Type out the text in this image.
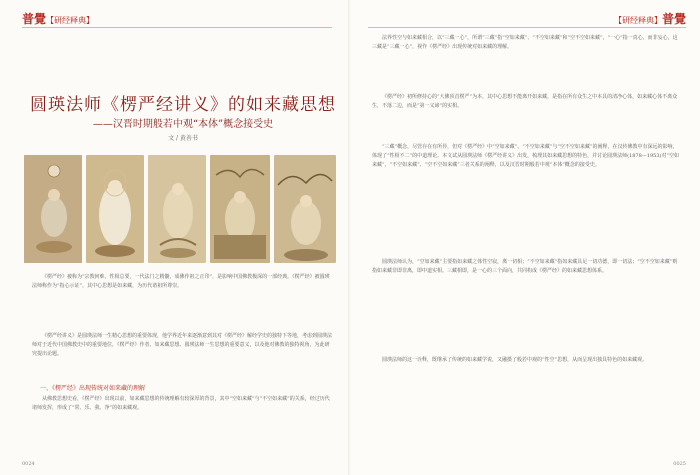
普覺【研经释典】
圆瑛法师《楞严经讲义》的如来藏思想
——汉晋时期般若中观“本体”概念接受史
文 / 黄善书
《楞严经》被称为“宗教何难，性相总要，一代法门之精髓，成佛作祖之正印”，是影响中国佛教极深的一部经典。《楞严经》被圆瑛法师称作为“指心示证”，其中心思想是如来藏，为历代诸祖所尊崇。
《楞严经讲义》是圆瑛法师一生精心思想的重要体现，他学界近年来逐渐意到其对《楞严经》解经学史的独特下等地，考虑到圆瑛法师对于近代中国佛教史中的重要地位，《楞严经》作者、如来藏思想、圆瑛法师一生思想的重要意义，以及他对佛教的独特视角，为此研究提出论题。
一、《楞严经》出现传统对如来藏的理解
从佛教思想史看，《楞严经》出现以前，如来藏思想的传统理解有较深厚的背景，其中“空如来藏”与“不空如来藏”的关系，经过历代诸师发挥，形成了“常、乐、我、净”的如来藏观。
0024
【研经释典】普覺
法界性空与如来藏相合，以“三藏一心”，所谓“三藏”指“空如来藏”、“不空如来藏”和“空不空如来藏”，“一心”指一真心，而非妄心，这三藏是“三藏一心”，视作《楞严经》出现传统对如来藏的理解。
《楞严经》初所修持心的“大佛顶首楞严”为本，其中心思想不能离开如来藏，是指在所有众生之中本具的清净心体，如来藏心体不离众生，不落二边，而是“第一义谛”的实相。
“三藏”概念，尽管存在有所异，但对《楞严经》中“空如来藏”、“不空如来藏”与“空不空如来藏”的阐释，在汉传佛教中有深远的影响，体现了“性相不二”的中道理论。本文试从圆瑛法师《楞严经讲义》出发，梳理其如来藏思想的特色，并讨论圆瑛法师(1878—1953)对“空如来藏”、“不空如来藏”、“空不空如来藏”三者关系的阐释，以及汉晋时期般若中观“本体”概念的接受史。
圆瑛法师认为，“空如来藏”主要指如来藏之体性空寂，离一切相；“不空如来藏”指如来藏具足一切功德，即一切法；“空不空如来藏”则指如来藏非即非离，即中道实相。三藏相即，是一心的三个面向，共同构成《楞严经》的如来藏思想体系。
圆瑛法师的这一诠释，既继承了传统的如来藏学说，又融摄了般若中观的“性空”思想，从而呈现出独具特色的如来藏观。
0025
